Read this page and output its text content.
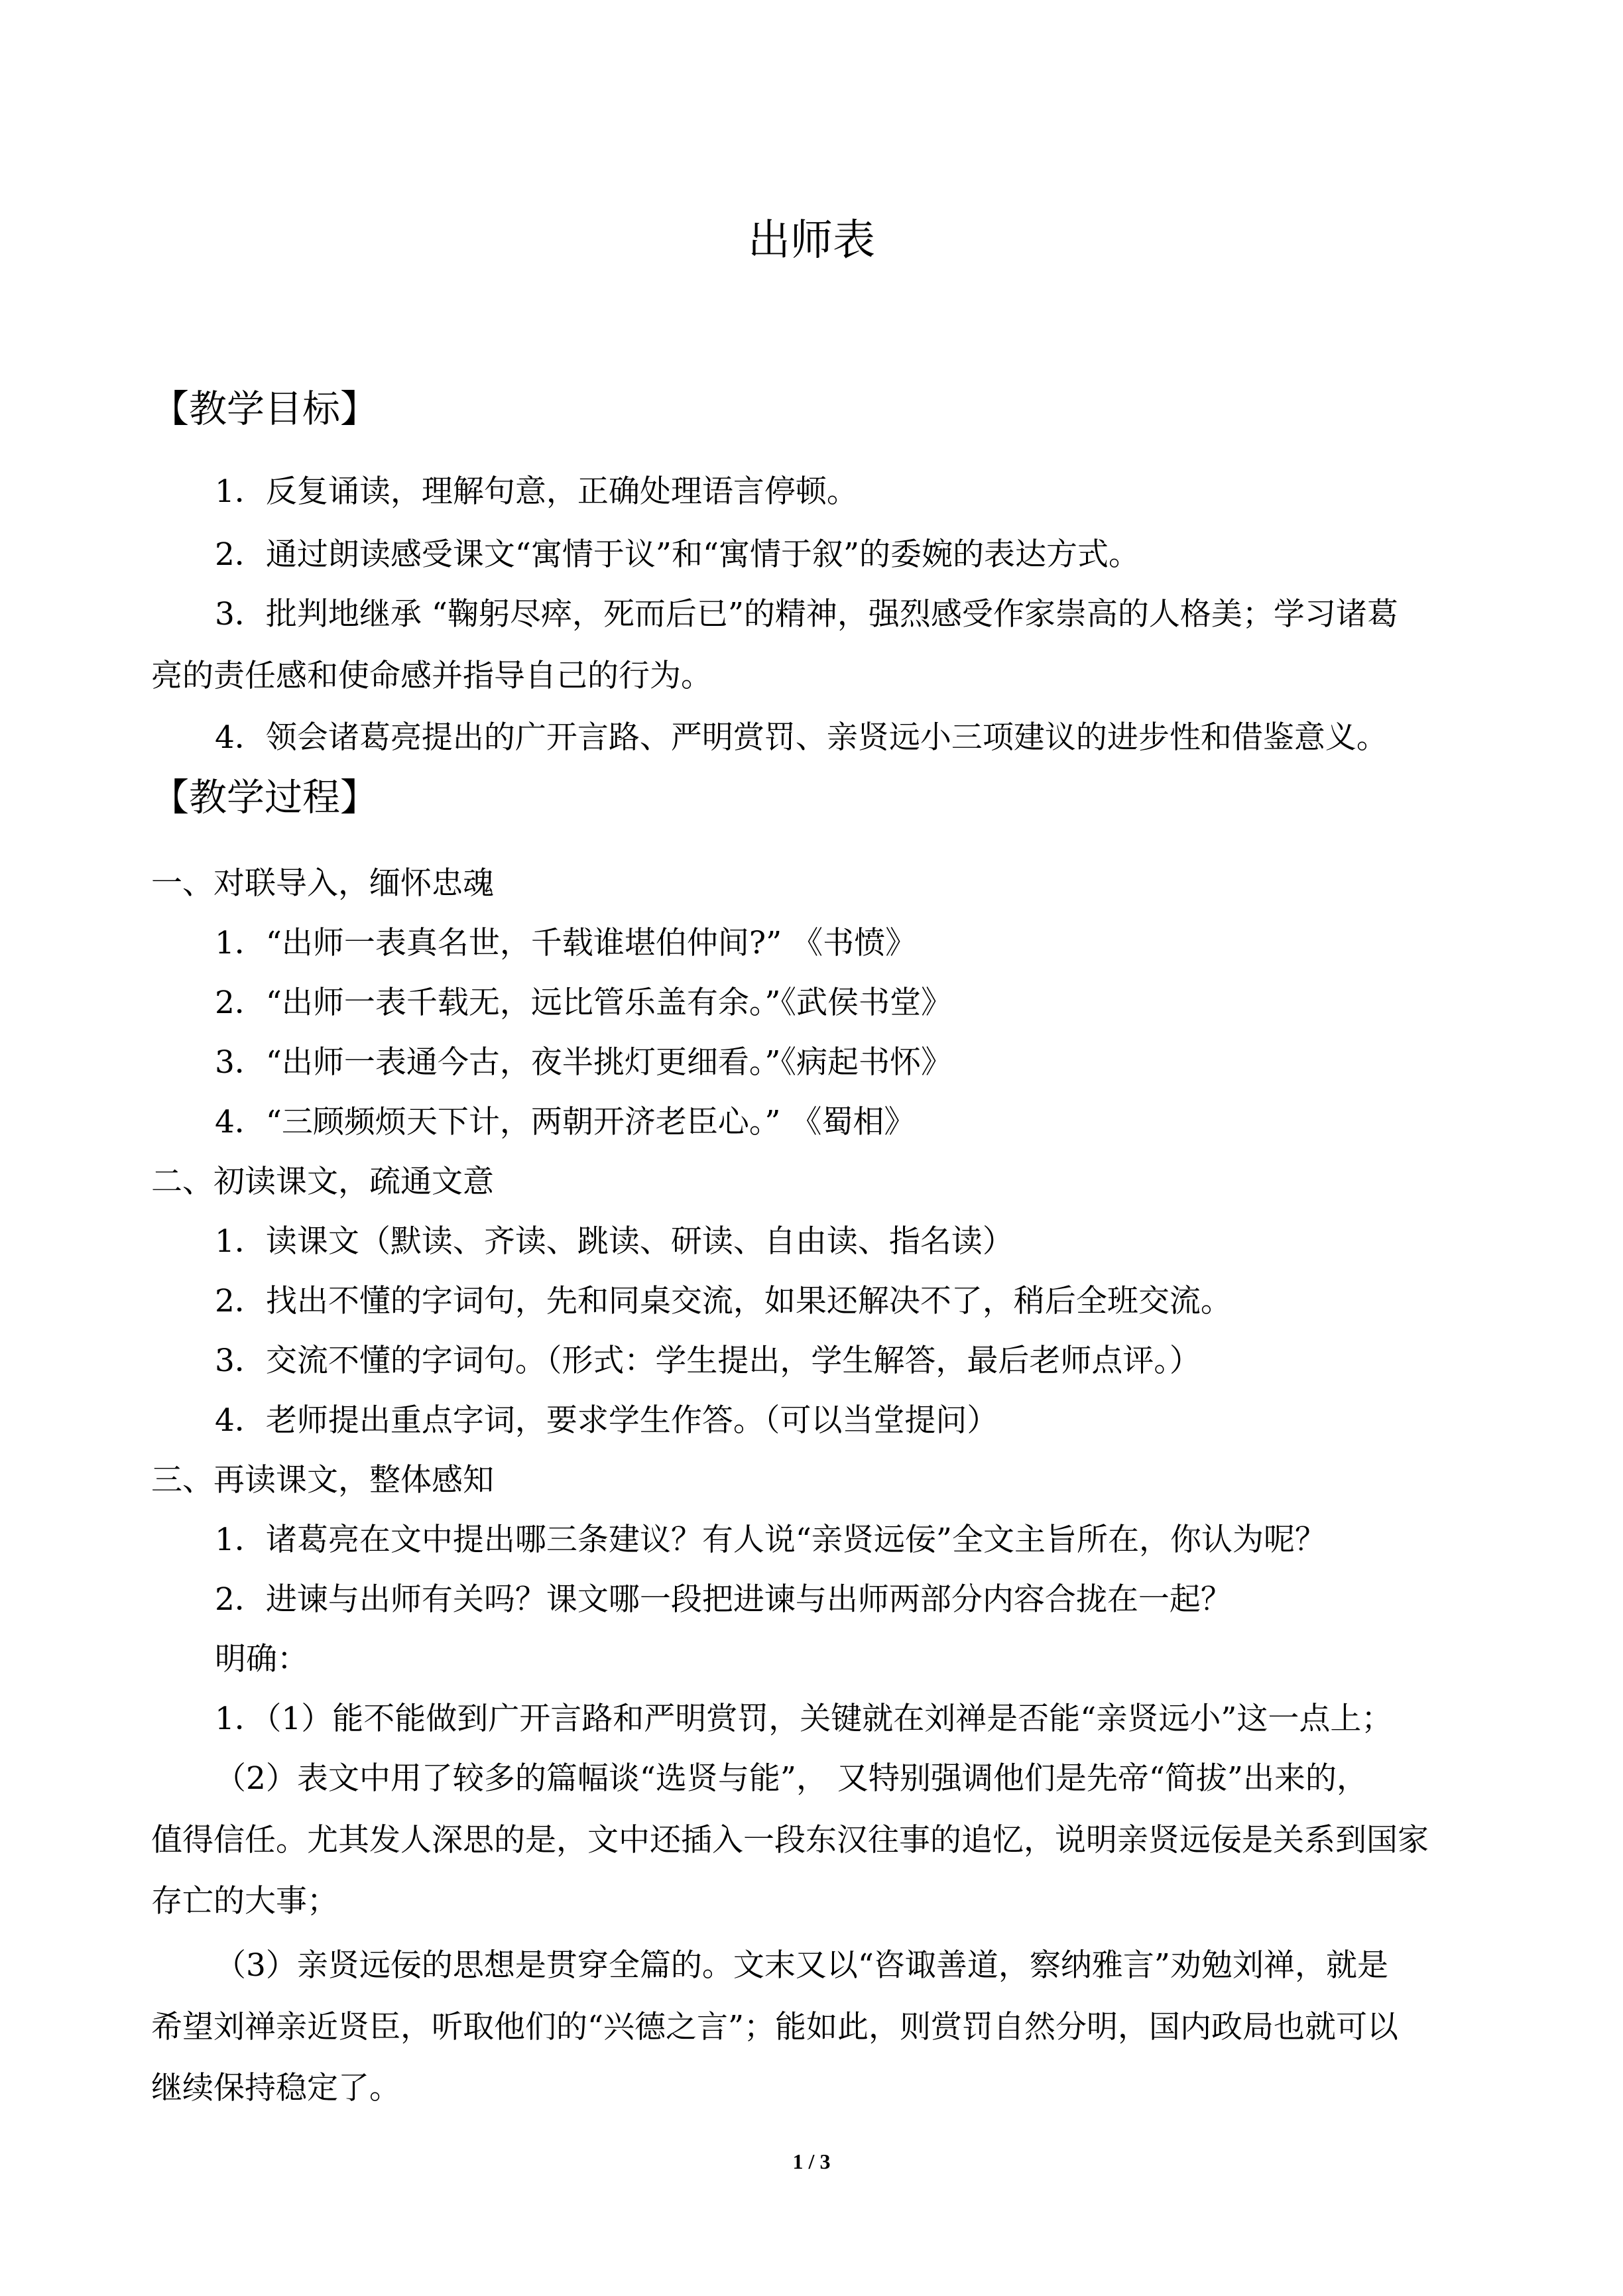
出师表
【教学目标】
1．反复诵读，理解句意，正确处理语言停顿。
2．通过朗读感受课文“寓情于议”和“寓情于叙”的委婉的表达方式。
3．批判地继承 “鞠躬尽瘁，死而后已”的精神，强烈感受作家崇高的人格美；学习诸葛
亮的责任感和使命感并指导自己的行为。
4．领会诸葛亮提出的广开言路、严明赏罚、亲贤远小三项建议的进步性和借鉴意义。
【教学过程】
一、对联导入，缅怀忠魂
1．“出师一表真名世，千载谁堪伯仲间?” 《书愤》
2．“出师一表千载无，远比管乐盖有余。”《武侯书堂》
3．“出师一表通今古，夜半挑灯更细看。”《病起书怀》
4．“三顾频烦天下计，两朝开济老臣心。” 《蜀相》
二、初读课文，疏通文意
1．读课文（默读、齐读、跳读、研读、自由读、指名读）
2．找出不懂的字词句，先和同桌交流，如果还解决不了，稍后全班交流。
3．交流不懂的字词句。（形式：学生提出，学生解答，最后老师点评。）
4．老师提出重点字词，要求学生作答。（可以当堂提问）
三、再读课文，整体感知
1．诸葛亮在文中提出哪三条建议？有人说“亲贤远佞”全文主旨所在，你认为呢？
2．进谏与出师有关吗？课文哪一段把进谏与出师两部分内容合拢在一起？
明确：
1．（1）能不能做到广开言路和严明赏罚，关键就在刘禅是否能“亲贤远小”这一点上；
（2）表文中用了较多的篇幅谈“选贤与能”， 又特别强调他们是先帝“简拔”出来的，
值得信任。尤其发人深思的是，文中还插入一段东汉往事的追忆，说明亲贤远佞是关系到国家
存亡的大事；
（3）亲贤远佞的思想是贯穿全篇的。文末又以“咨诹善道，察纳雅言”劝勉刘禅，就是
希望刘禅亲近贤臣，听取他们的“兴德之言”；能如此，则赏罚自然分明，国内政局也就可以
继续保持稳定了。
1 / 3
